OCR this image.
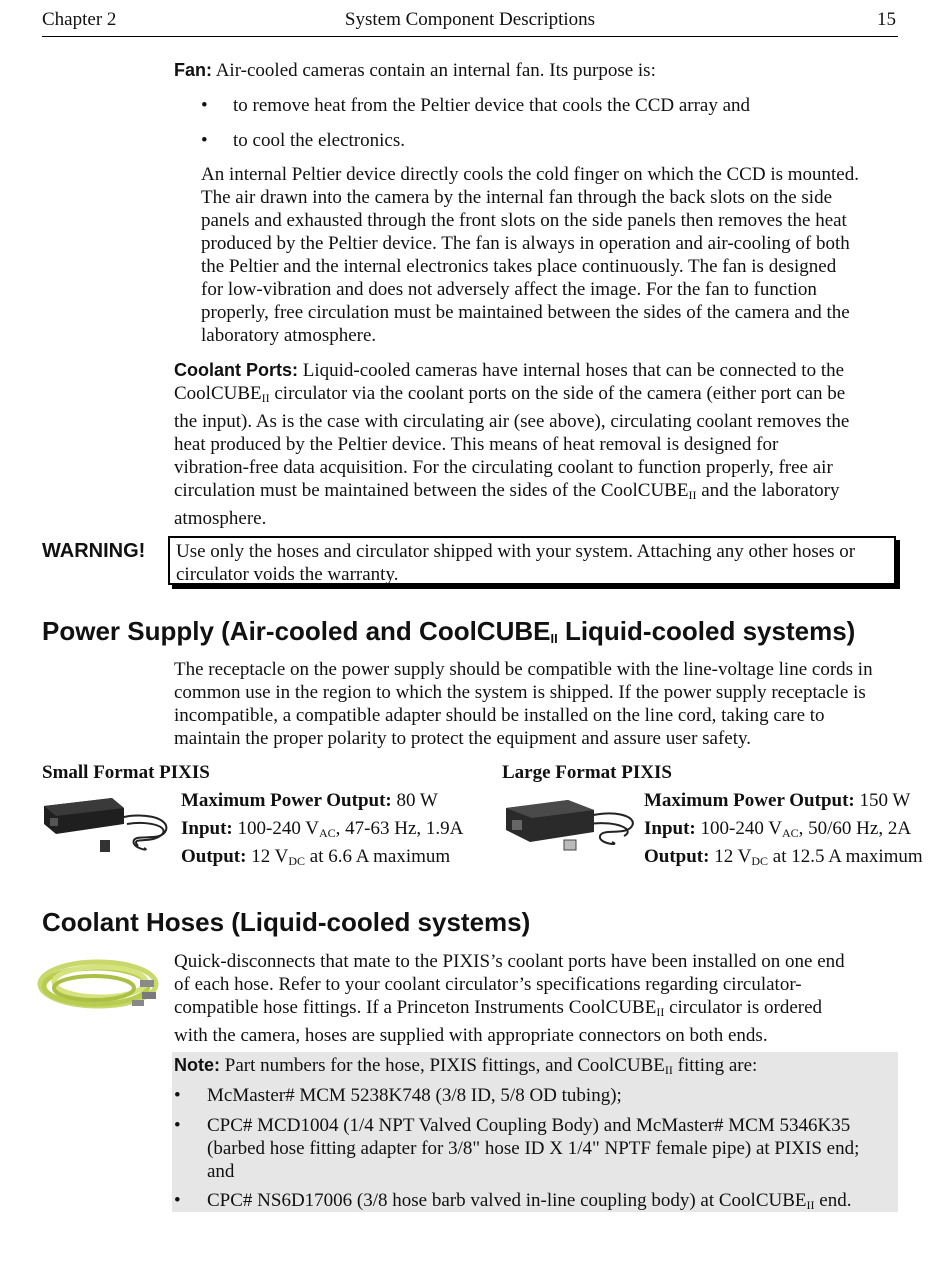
Chapter 2	System Component Descriptions	15
Fan: Air-cooled cameras contain an internal fan. Its purpose is:
• to remove heat from the Peltier device that cools the CCD array and
• to cool the electronics.
An internal Peltier device directly cools the cold finger on which the CCD is mounted.
The air drawn into the camera by the internal fan through the back slots on the side
panels and exhausted through the front slots on the side panels then removes the heat
produced by the Peltier device. The fan is always in operation and air-cooling of both
the Peltier and the internal electronics takes place continuously. The fan is designed
for low-vibration and does not adversely affect the image. For the fan to function
properly, free circulation must be maintained between the sides of the camera and the
laboratory atmosphere.
Coolant Ports: Liquid-cooled cameras have internal hoses that can be connected to the
CoolCUBE$_{II}$ circulator via the coolant ports on the side of the camera (either port can be
the input). As is the case with circulating air (see above), circulating coolant removes the
heat produced by the Peltier device. This means of heat removal is designed for
vibration-free data acquisition. For the circulating coolant to function properly, free air
circulation must be maintained between the sides of the CoolCUBE$_{II}$ and the laboratory
atmosphere.
WARNING! Use only the hoses and circulator shipped with your system. Attaching any other hoses or
circulator voids the warranty.
Power Supply (Air-cooled and CoolCUBEII Liquid-cooled systems)
The receptacle on the power supply should be compatible with the line-voltage line cords in
common use in the region to which the system is shipped. If the power supply receptacle is
incompatible, a compatible adapter should be installed on the line cord, taking care to
maintain the proper polarity to protect the equipment and assure user safety.
Small Format PIXIS
Maximum Power Output: 80 W
Input: 100-240 $V_{AC}$, 47-63 Hz, 1.9A
Output: 12 $V_{DC}$ at 6.6 A maximum
Large Format PIXIS
Maximum Power Output: 150 W
Input: 100-240 $V_{AC}$, 50/60 Hz, 2A
Output: 12 $V_{DC}$ at 12.5 A maximum
Coolant Hoses (Liquid-cooled systems)
Quick-disconnects that mate to the PIXIS’s coolant ports have been installed on one end
of each hose. Refer to your coolant circulator’s specifications regarding circulator-
compatible hose fittings. If a Princeton Instruments CoolCUBE$_{II}$ circulator is ordered
with the camera, hoses are supplied with appropriate connectors on both ends.
Note: Part numbers for the hose, PIXIS fittings, and CoolCUBE$_{II}$ fitting are:
• McMaster# MCM 5238K748 (3/8 ID, 5/8 OD tubing);
• CPC# MCD1004 (1/4 NPT Valved Coupling Body) and McMaster# MCM 5346K35
(barbed hose fitting adapter for 3/8" hose ID X 1/4" NPTF female pipe) at PIXIS end;
and
• CPC# NS6D17006 (3/8 hose barb valved in-line coupling body) at CoolCUBE$_{II}$ end.
